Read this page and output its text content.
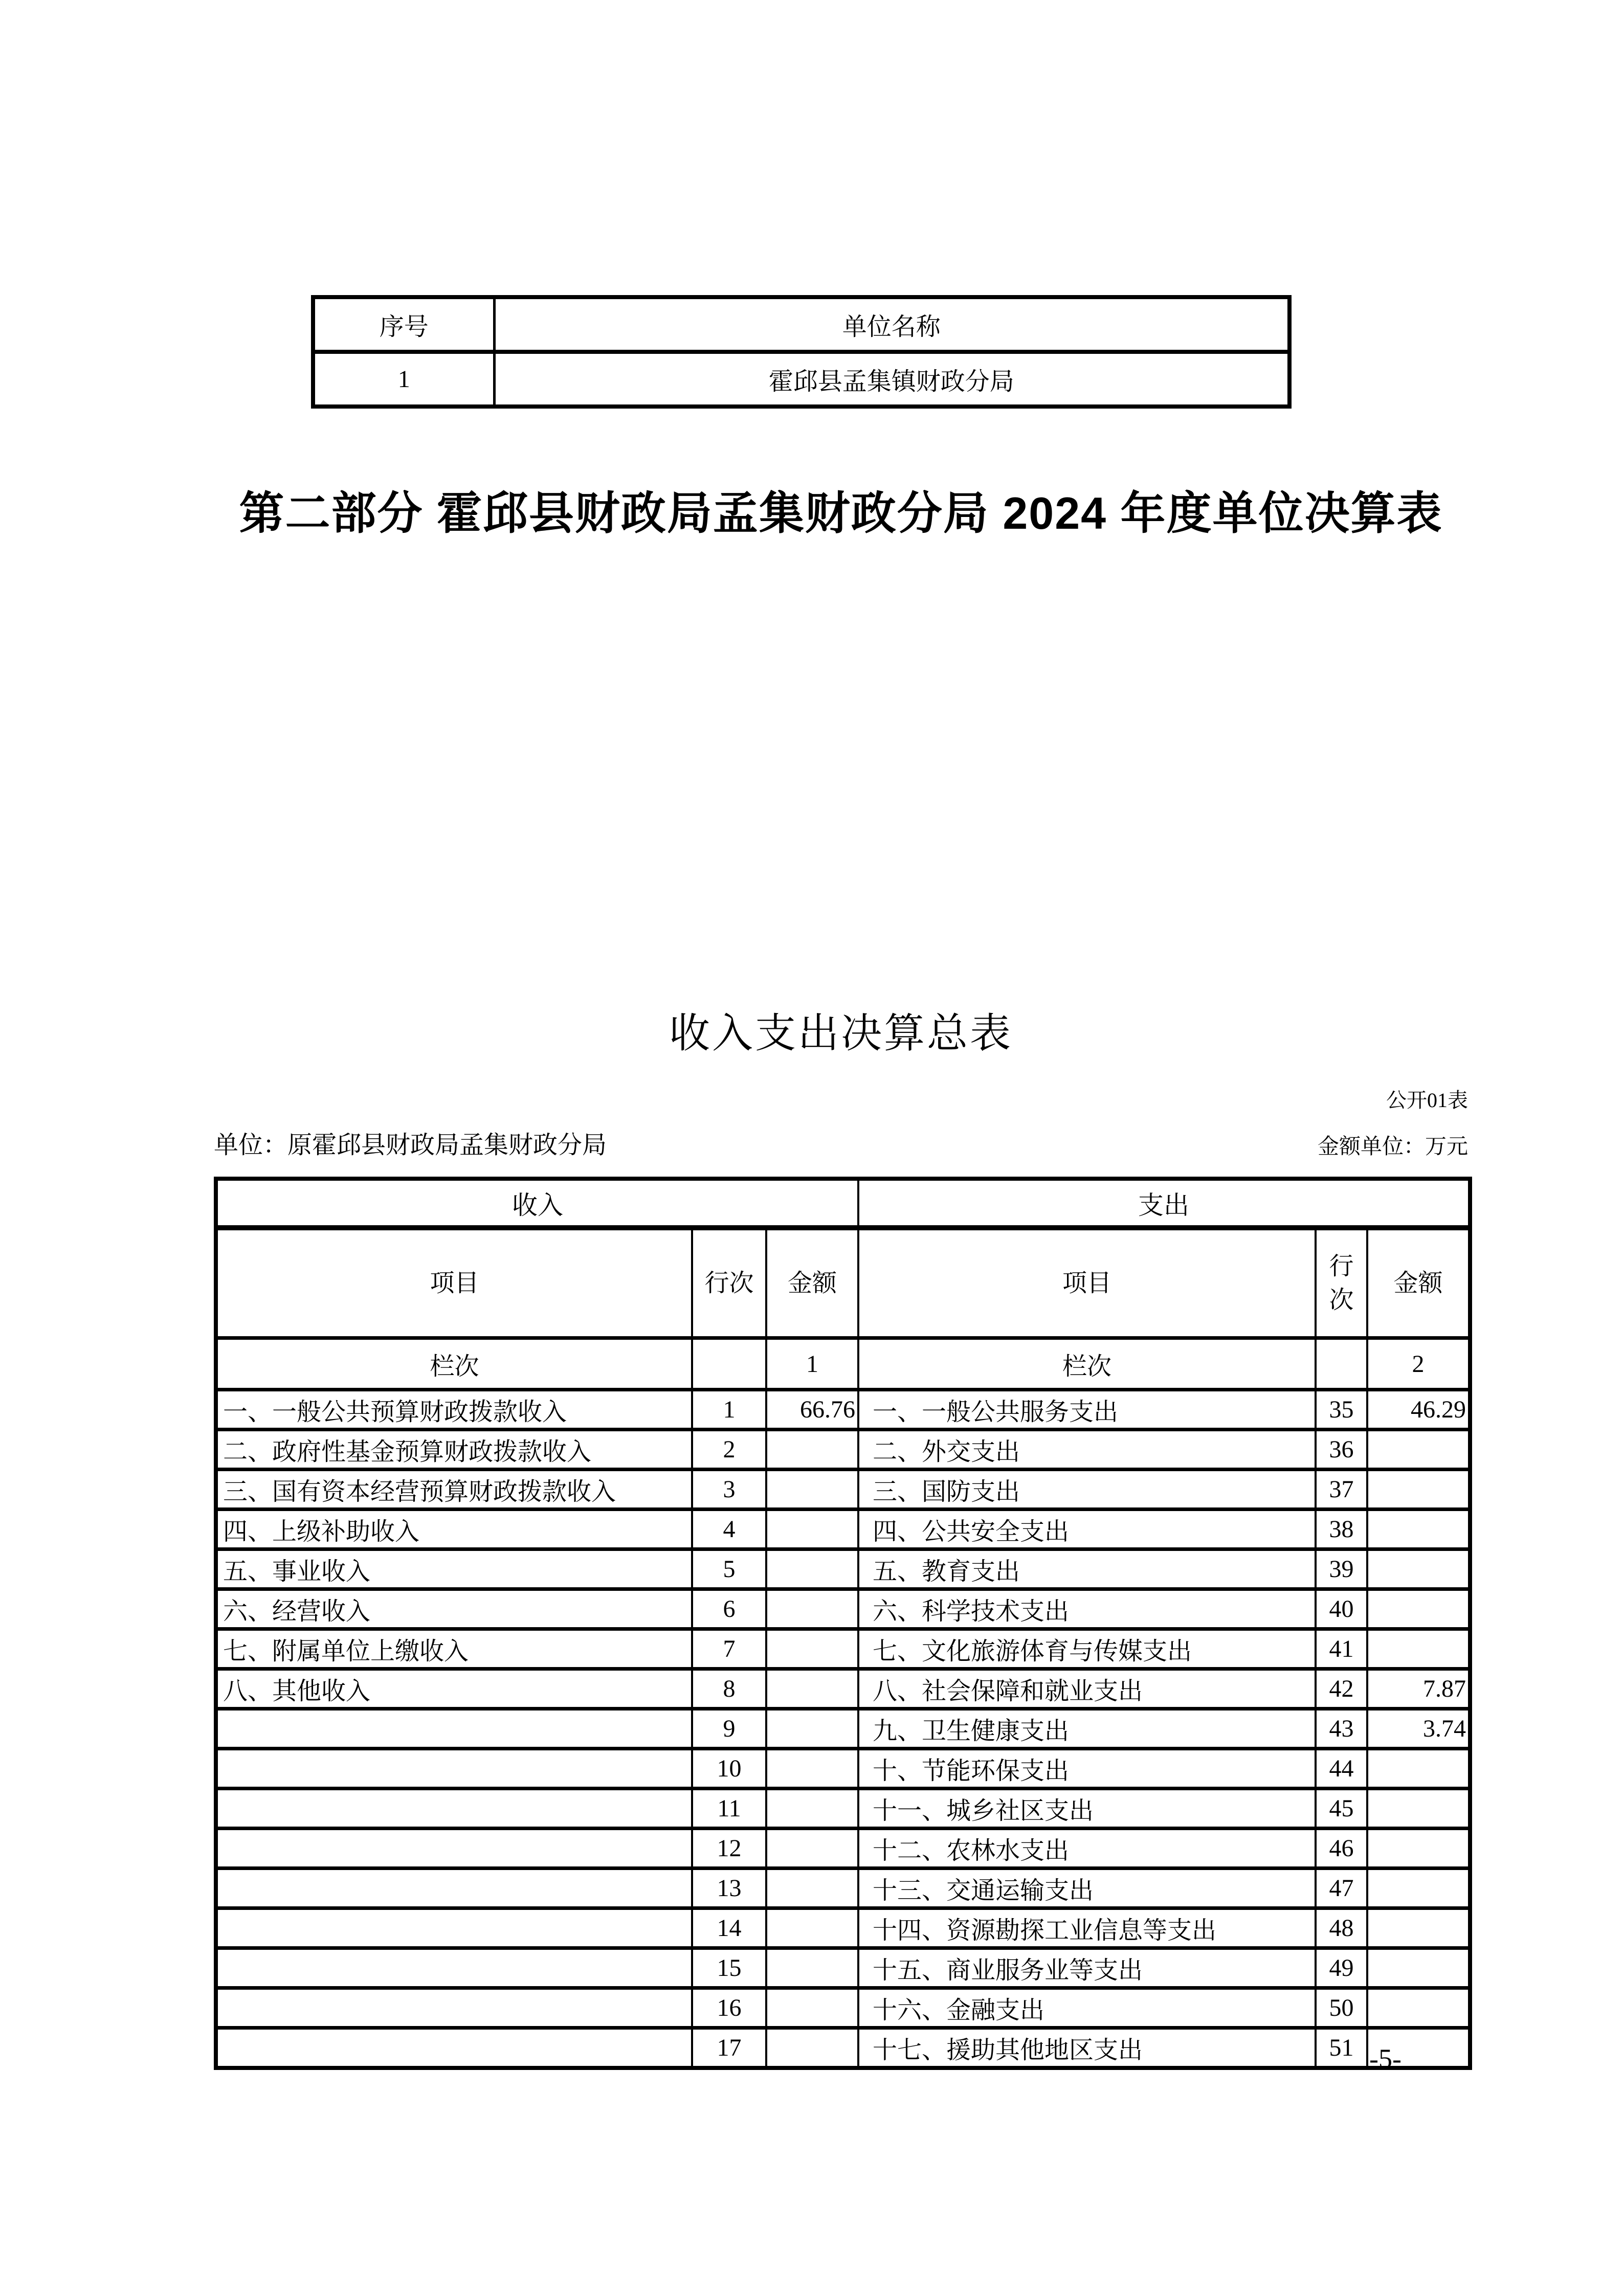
序号	单位名称
1	霍邱县孟集镇财政分局
第二部分 霍邱县财政局孟集财政分局 2024 年度单位决算表
收入支出决算总表
公开01表
单位：原霍邱县财政局孟集财政分局	金额单位：万元
收入			支出		
项目	行次	金额	项目	行次	金额
栏次		1	栏次		2
一、一般公共预算财政拨款收入	1	66.76	一、一般公共服务支出	35	46.29
二、政府性基金预算财政拨款收入	2		二、外交支出	36	
三、国有资本经营预算财政拨款收入	3		三、国防支出	37	
四、上级补助收入	4		四、公共安全支出	38	
五、事业收入	5		五、教育支出	39	
六、经营收入	6		六、科学技术支出	40	
七、附属单位上缴收入	7		七、文化旅游体育与传媒支出	41	
八、其他收入	8		八、社会保障和就业支出	42	7.87
	9		九、卫生健康支出	43	3.74
	10		十、节能环保支出	44	
	11		十一、城乡社区支出	45	
	12		十二、农林水支出	46	
	13		十三、交通运输支出	47	
	14		十四、资源勘探工业信息等支出	48	
	15		十五、商业服务业等支出	49	
	16		十六、金融支出	50	
	17		十七、援助其他地区支出	51	-5-
